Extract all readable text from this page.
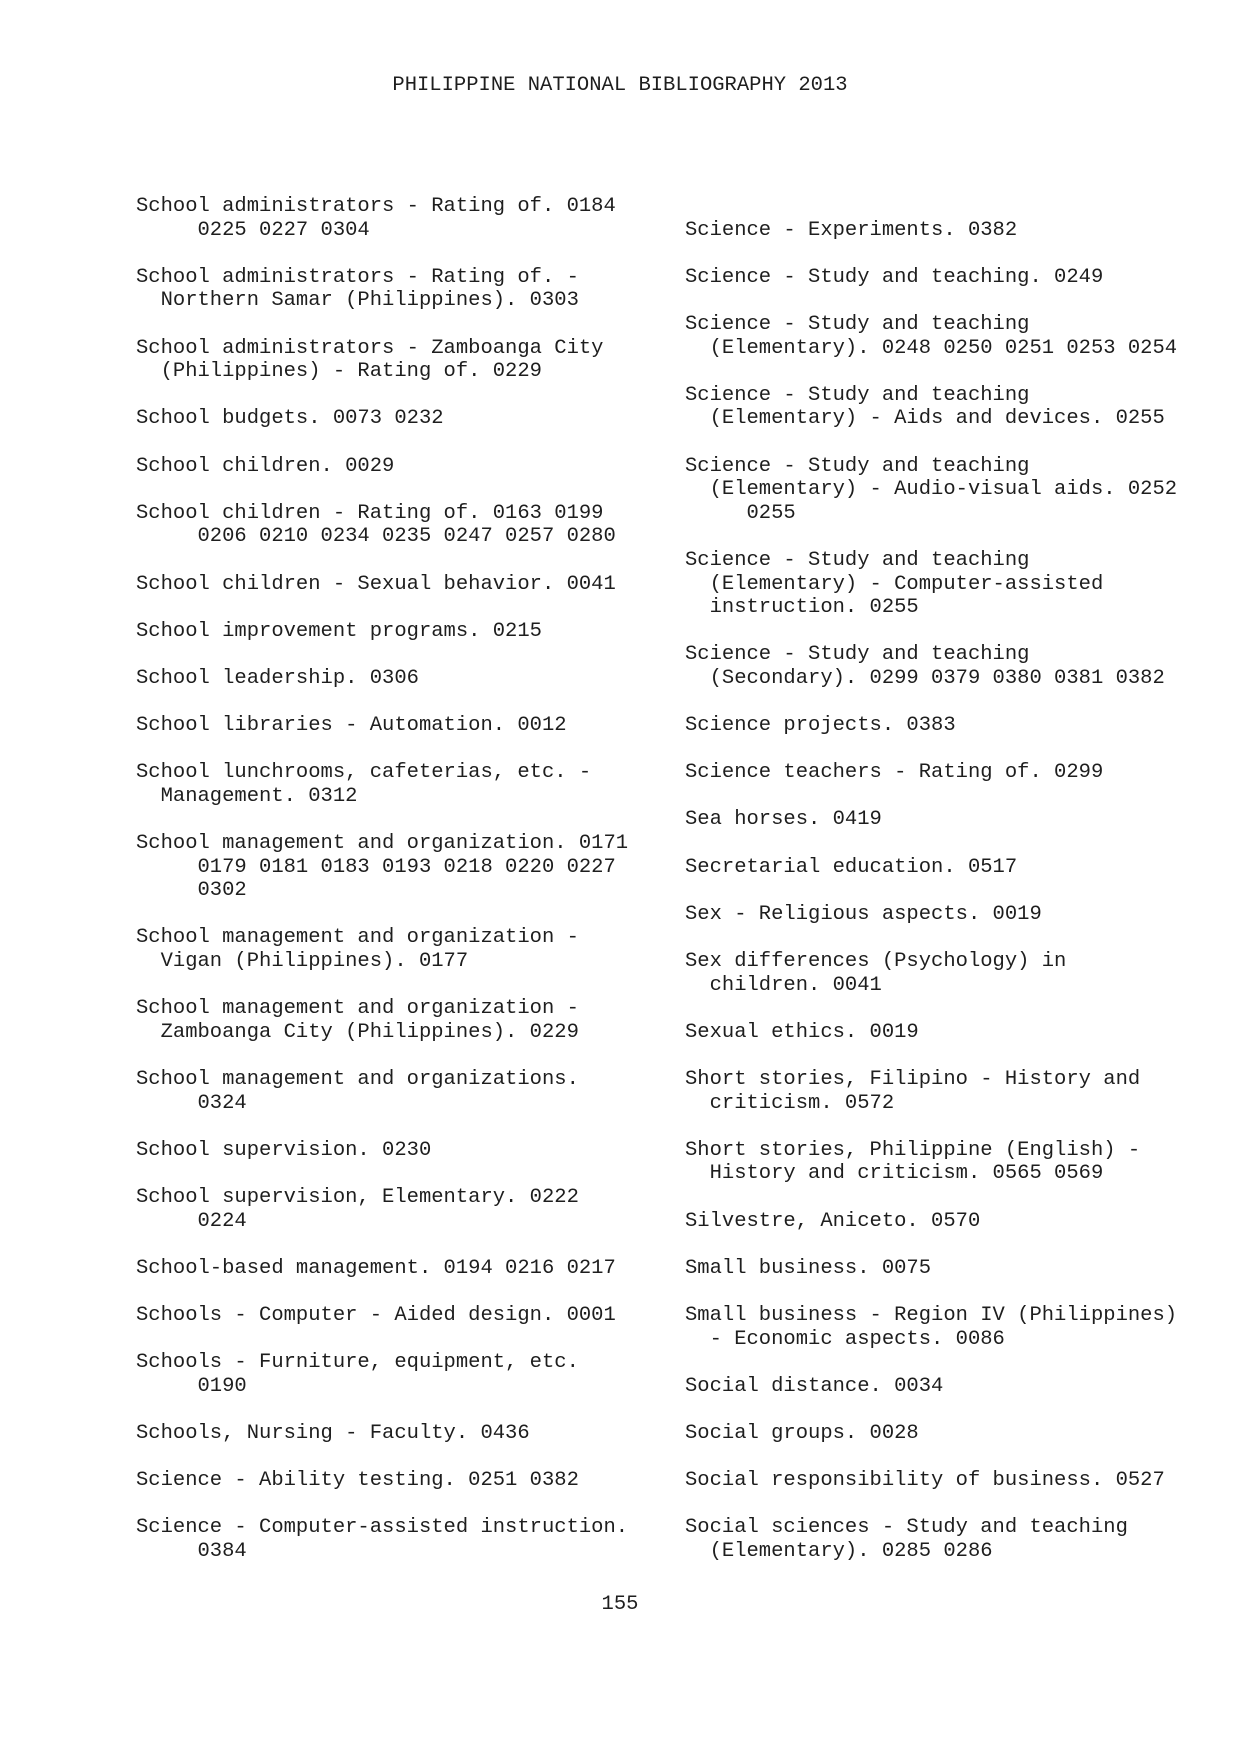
PHILIPPINE NATIONAL BIBLIOGRAPHY 2013
School administrators - Rating of. 0184
0225 0227 0304
School administrators - Rating of. -
Northern Samar (Philippines). 0303
School administrators - Zamboanga City
(Philippines) - Rating of. 0229
School budgets. 0073 0232
School children. 0029
School children - Rating of. 0163 0199
0206 0210 0234 0235 0247 0257 0280
School children - Sexual behavior. 0041
School improvement programs. 0215
School leadership. 0306
School libraries - Automation. 0012
School lunchrooms, cafeterias, etc. -
Management. 0312
School management and organization. 0171
0179 0181 0183 0193 0218 0220 0227
0302
School management and organization -
Vigan (Philippines). 0177
School management and organization -
Zamboanga City (Philippines). 0229
School management and organizations.
0324
School supervision. 0230
School supervision, Elementary. 0222
0224
School-based management. 0194 0216 0217
Schools - Computer - Aided design. 0001
Schools - Furniture, equipment, etc.
0190
Schools, Nursing - Faculty. 0436
Science - Ability testing. 0251 0382
Science - Computer-assisted instruction.
0384
Science - Experiments. 0382
Science - Study and teaching. 0249
Science - Study and teaching
(Elementary). 0248 0250 0251 0253 0254
Science - Study and teaching
(Elementary) - Aids and devices. 0255
Science - Study and teaching
(Elementary) - Audio-visual aids. 0252
0255
Science - Study and teaching
(Elementary) - Computer-assisted
instruction. 0255
Science - Study and teaching
(Secondary). 0299 0379 0380 0381 0382
Science projects. 0383
Science teachers - Rating of. 0299
Sea horses. 0419
Secretarial education. 0517
Sex - Religious aspects. 0019
Sex differences (Psychology) in
children. 0041
Sexual ethics. 0019
Short stories, Filipino - History and
criticism. 0572
Short stories, Philippine (English) -
History and criticism. 0565 0569
Silvestre, Aniceto. 0570
Small business. 0075
Small business - Region IV (Philippines)
- Economic aspects. 0086
Social distance. 0034
Social groups. 0028
Social responsibility of business. 0527
Social sciences - Study and teaching
(Elementary). 0285 0286
155
